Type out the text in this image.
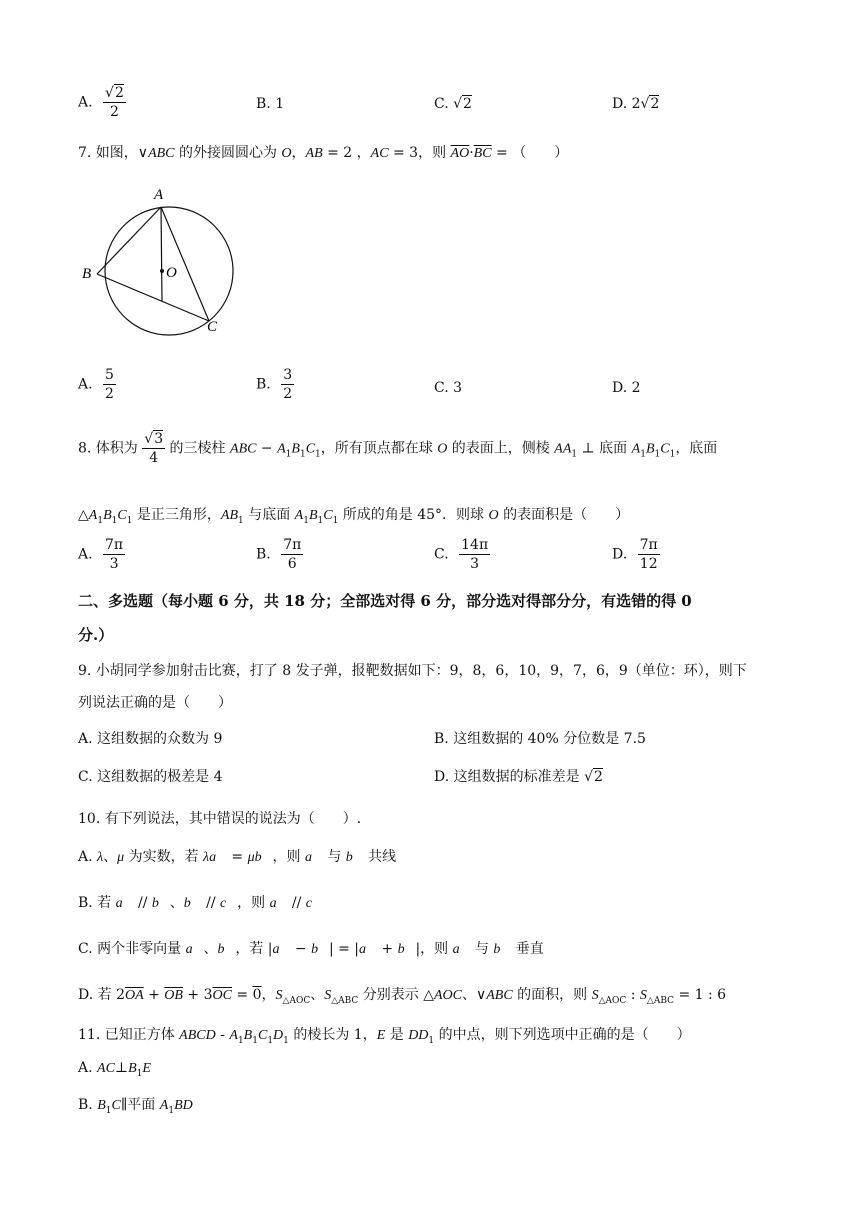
A. $\frac{√2}{2}$	B. 1	C. √2	D. 2√2
7. 如图，∨ABC 的外接圆圆心为 O，AB = 2 ，AC = 3，则 $\overline{AO}\cdot\overline{BC}$ = （　　）
A
B
C
O
A. $\frac{5}{2}$	B. $\frac{3}{2}$	C. 3	D. 2
8. 体积为 $\frac{√3}{4}$ 的三棱柱 ABC − $A_1B_1C_1$，所有顶点都在球 O 的表面上，侧棱 $AA_1$ ⊥ 底面 $A_1B_1C_1$，底面
$\triangle A_1B_1C_1$ 是正三角形，$AB_1$ 与底面 $A_1B_1C_1$ 所成的角是 45°．则球 O 的表面积是（　　）
A. $\frac{7\pi}{3}$	B. $\frac{7\pi}{6}$	C. $\frac{14\pi}{3}$	D. $\frac{7\pi}{12}$
二、多选题（每小题 6 分，共 18 分；全部选对得 6 分，部分选对得部分分，有选错的得 0
分.）
9. 小胡同学参加射击比赛，打了 8 发子弹，报靶数据如下：9，8，6，10，9，7，6，9（单位：环），则下
列说法正确的是（　　）
A. 这组数据的众数为 9	B. 这组数据的 40% 分位数是 7.5
C. 这组数据的极差是 4	D. 这组数据的标准差是 √2
10. 有下列说法，其中错误的说法为（　　）.
A. λ、μ 为实数，若 λa⃗ = μb⃗，则 a⃗ 与 b⃗ 共线
B. 若 a⃗ // b⃗、b⃗ // c⃗，则 a⃗ // c⃗
C. 两个非零向量 a⃗、b⃗，若 |a⃗ − b⃗| = |a⃗ + b⃗|，则 a⃗ 与 b⃗ 垂直
D. 若 $2\overline{OA} + \overline{OB} + 3\overline{OC} = 0$，$S_{\triangle AOC}$、$S_{\triangle ABC}$ 分别表示 △AOC、∨ABC 的面积，则 $S_{\triangle AOC}$ : $S_{\triangle ABC} = 1$ : 6
11. 已知正方体 ABCD - $A_1B_1C_1D_1$ 的棱长为 1，E 是 $DD_1$ 的中点，则下列选项中正确的是（　　）
A. $AC\perp B_1E$
B. $B_1C\parallel$平面 $A_1BD$
